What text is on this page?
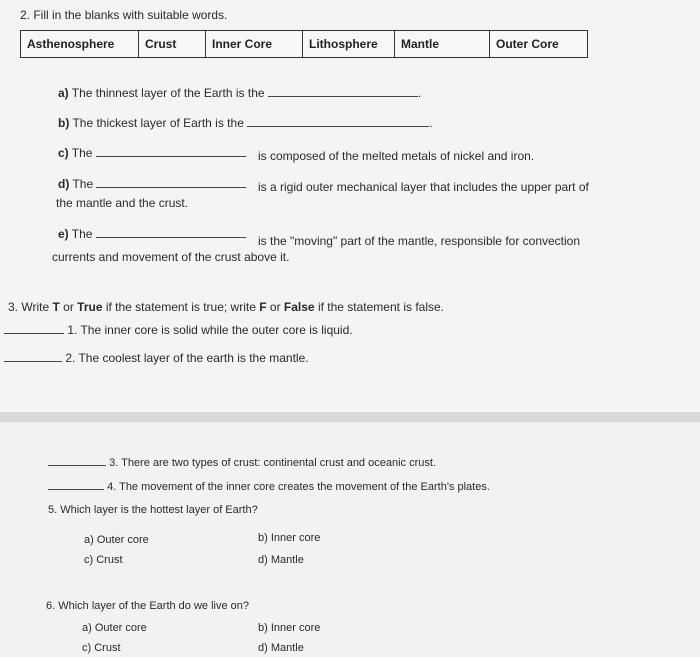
2. Fill in the blanks with suitable words.
Asthenosphere	Crust	Inner Core	Lithosphere	Mantle	Outer Core
a) The thinnest layer of the Earth is the	.
b) The thickest layer of Earth is the	.
c) The	is composed of the melted metals of nickel and iron.
d) The	is a rigid outer mechanical layer that includes the upper part of
the mantle and the crust.
e) The	is the "moving" part of the mantle, responsible for convection
currents and movement of the crust above it.
3. Write T or True if the statement is true; write F or False if the statement is false.
1. The inner core is solid while the outer core is liquid.
2. The coolest layer of the earth is the mantle.
3. There are two types of crust: continental crust and oceanic crust.
4. The movement of the inner core creates the movement of the Earth's plates.
5. Which layer is the hottest layer of Earth?
a) Outer core	b) Inner core
c) Crust	d) Mantle
6. Which layer of the Earth do we live on?
a) Outer core	b) Inner core
c) Crust	d) Mantle
